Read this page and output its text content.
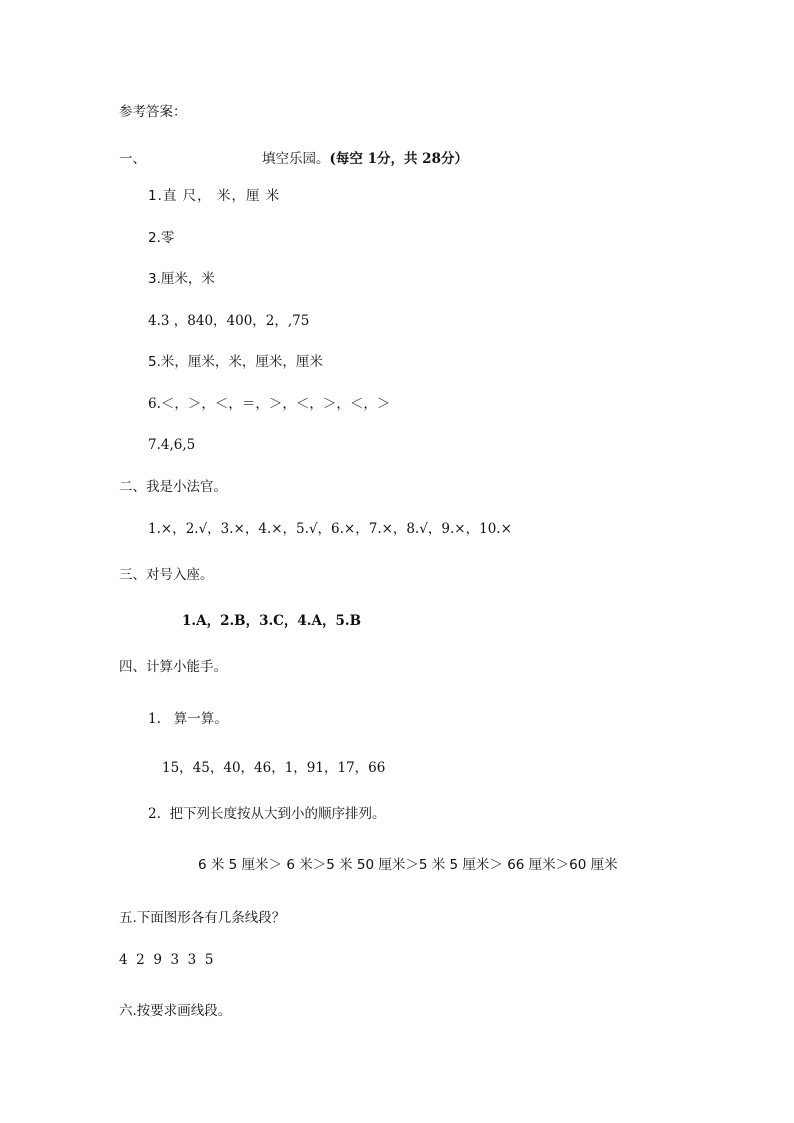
参考答案：
一、	填空乐园。(每空 1分，共 28分）
1.直 尺， 米，厘 米
2.零
3.厘米，米
4.3 ，840，400，2，,75
5.米，厘米，米，厘米，厘米
6.＜，＞，＜，＝，＞，＜，＞，＜，＞
7.4,6,5
二、我是小法官。
1.×，2.√，3.×，4.×，5.√，6.×，7.×，8.√，9.×，10.×
三、对号入座。
1.A，2.B，3.C，4.A，5.B
四、计算小能手。
1. 算一算。
15，45，40，46，1，91，17，66
2. 把下列长度按从大到小的顺序排列。
6 米 5 厘米＞ 6 米＞5 米 50 厘米＞5 米 5 厘米＞ 66 厘米＞60 厘米
五.下面图形各有几条线段？
4  2  9  3  3  5
六.按要求画线段。
